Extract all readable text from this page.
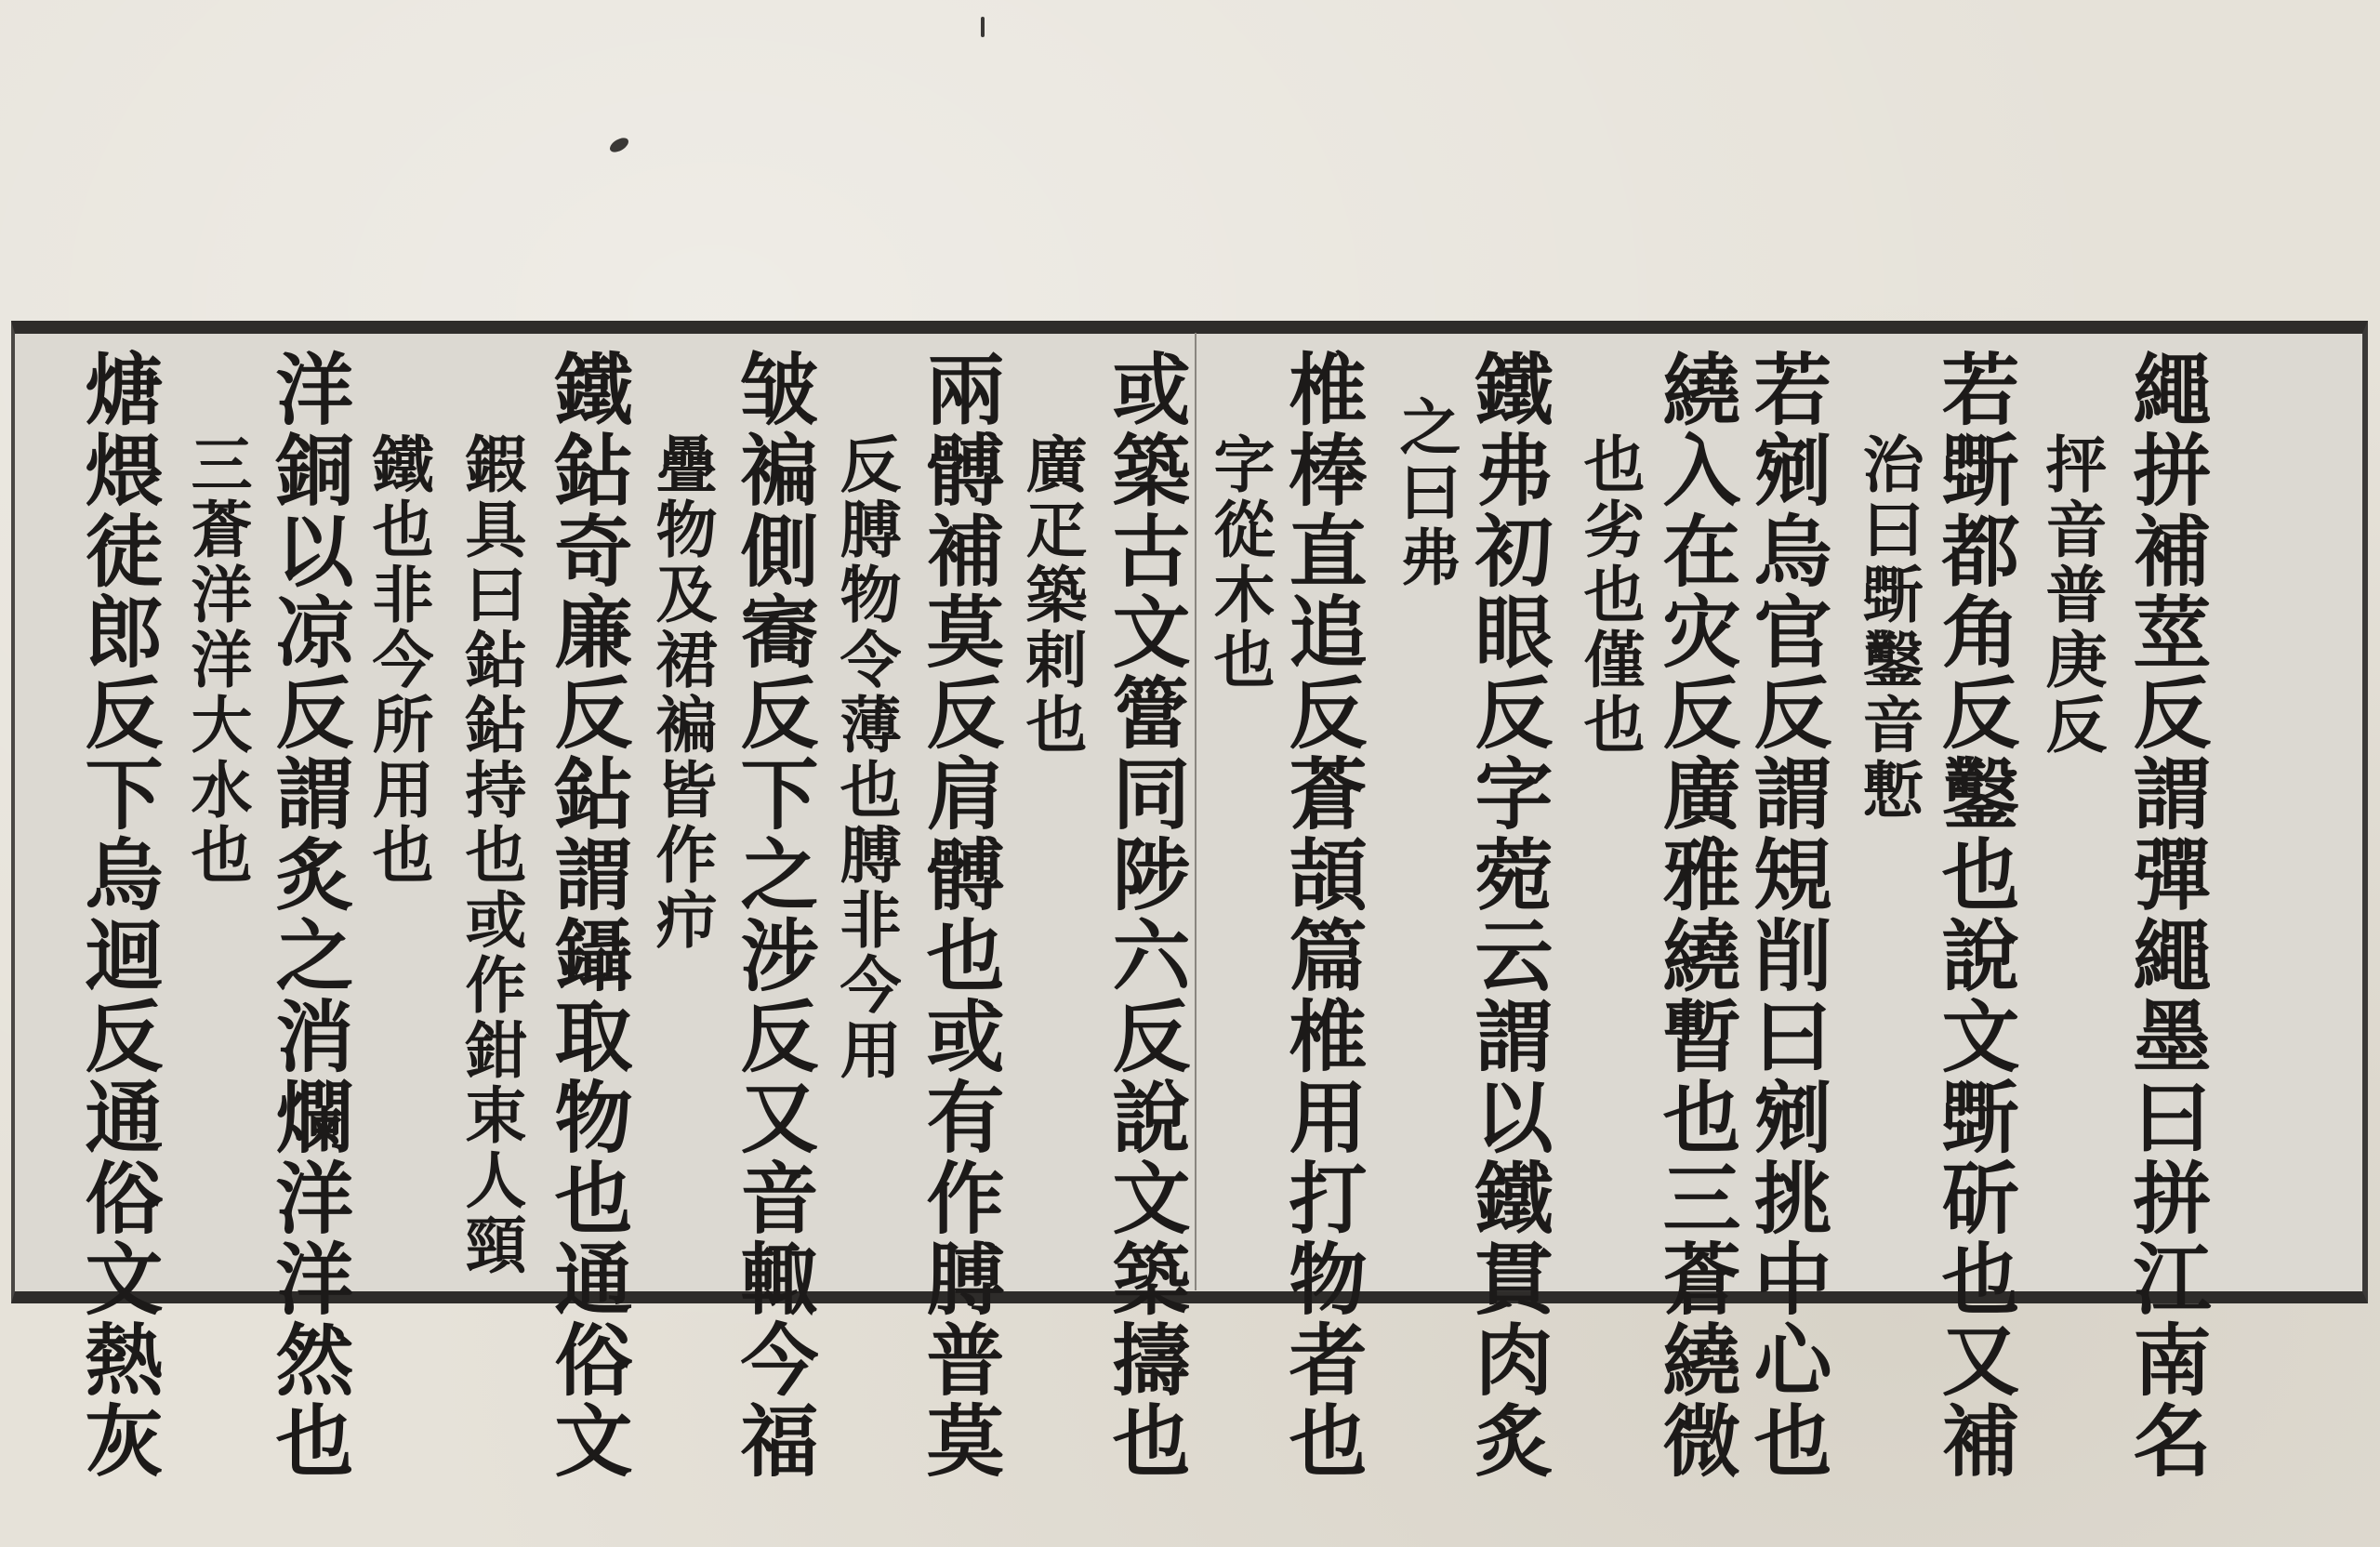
繩拼補莖反謂彈繩墨曰拼江南名
抨音普庚反
若斲都角反鑿也說文斲斫也又補
治曰斲鑿音慙
若剜烏官反謂䂓削曰剜挑中心也
繞入在灾反廣雅繞暫也三蒼繞微
也劣也僅也
鐵弗初眼反字菀云謂以鐵貫肉炙
之曰弗
椎棒直追反蒼頡篇椎用打物者也
字從木也
或築古文簹同陟六反說文築擣也
廣疋築剌也
兩髆補莫反肩髆也或有作膊普莫
反膊物令薄也膊非今用
皱褊側㝯反下之涉反又音輙今福
疊物及裙褊皆作疖
鐵鉆奇廉反鉆謂鑷取物也通俗文
鍜具曰鉆鉆持也或作鉗束人頸
鐵也非今所用也
洋銅以凉反謂炙之消爛洋洋然也
三蒼洋洋大水也
煻煨徒郎反下烏迴反通俗文熱灰
